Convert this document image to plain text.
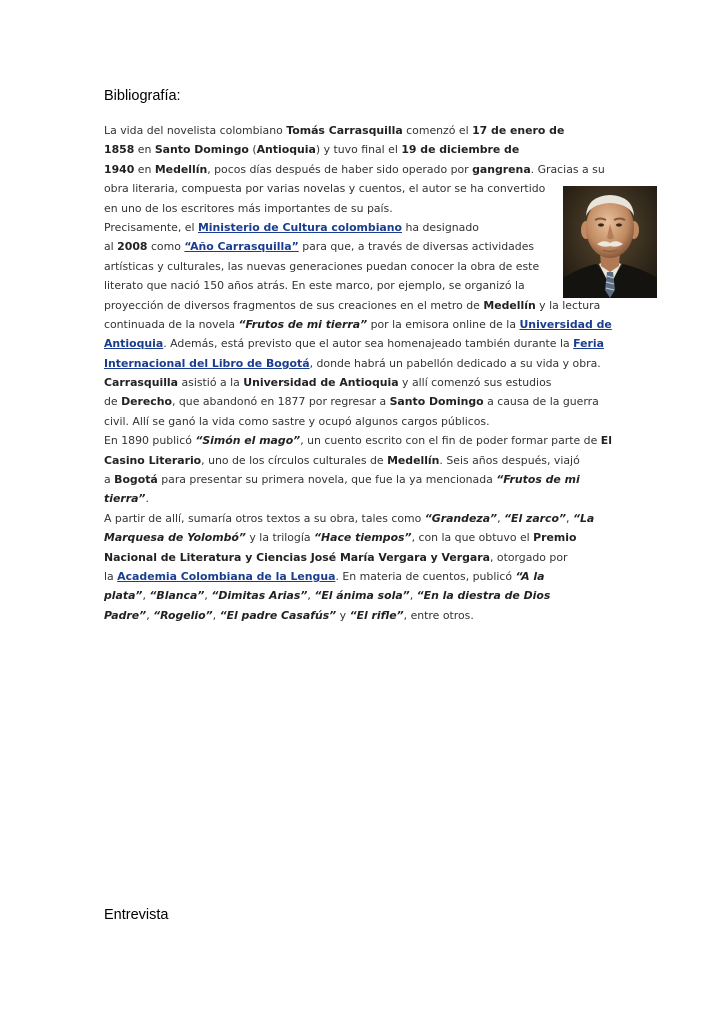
Bibliografía:
La vida del novelista colombiano Tomás Carrasquilla comenzó el 17 de enero de
1858 en Santo Domingo (Antioquia) y tuvo final el 19 de diciembre de
1940 en Medellín, pocos días después de haber sido operado por gangrena. Gracias a su
obra literaria, compuesta por varias novelas y cuentos, el autor se ha convertido
en uno de los escritores más importantes de su país.
Precisamente, el Ministerio de Cultura colombiano ha designado
al 2008 como “Año Carrasquilla” para que, a través de diversas actividades
artísticas y culturales, las nuevas generaciones puedan conocer la obra de este
literato que nació 150 años atrás. En este marco, por ejemplo, se organizó la
proyección de diversos fragmentos de sus creaciones en el metro de Medellín y la lectura
continuada de la novela “Frutos de mi tierra” por la emisora online de la Universidad de
Antioquia. Además, está previsto que el autor sea homenajeado también durante la Feria
Internacional del Libro de Bogotá, donde habrá un pabellón dedicado a su vida y obra.
Carrasquilla asistió a la Universidad de Antioquia y allí comenzó sus estudios
de Derecho, que abandonó en 1877 por regresar a Santo Domingo a causa de la guerra
civil. Allí se ganó la vida como sastre y ocupó algunos cargos públicos.
En 1890 publicó “Simón el mago”, un cuento escrito con el fin de poder formar parte de El
Casino Literario, uno de los círculos culturales de Medellín. Seis años después, viajó
a Bogotá para presentar su primera novela, que fue la ya mencionada “Frutos de mi
tierra”.
A partir de allí, sumaría otros textos a su obra, tales como “Grandeza”, “El zarco”, “La
Marquesa de Yolombó” y la trilogía “Hace tiempos”, con la que obtuvo el Premio
Nacional de Literatura y Ciencias José María Vergara y Vergara, otorgado por
la Academia Colombiana de la Lengua. En materia de cuentos, publicó “A la
plata”, “Blanca”, “Dimitas Arias”, “El ánima sola”, “En la diestra de Dios
Padre”, “Rogelio”, “El padre Casafús” y “El rifle”, entre otros.
Entrevista
